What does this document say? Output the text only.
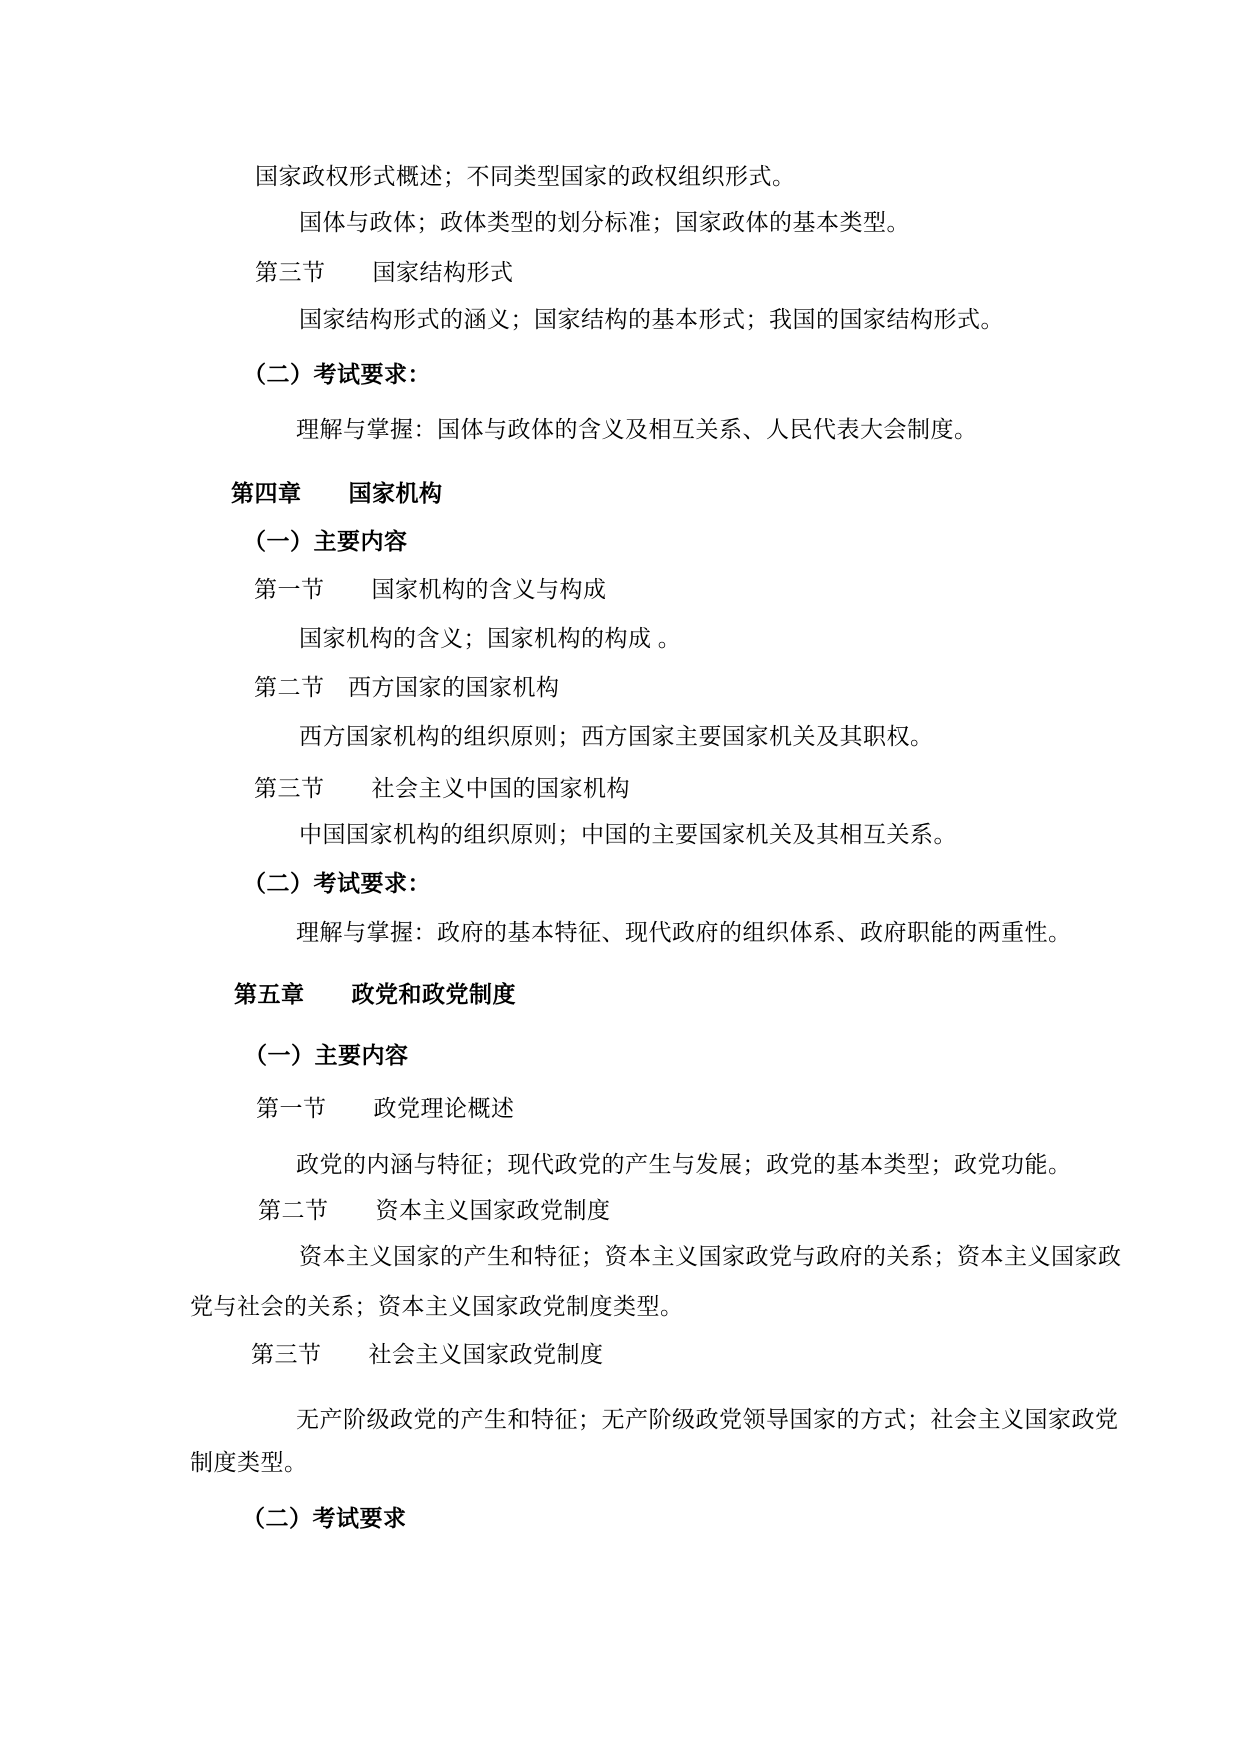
国家政权形式概述；不同类型国家的政权组织形式。
国体与政体；政体类型的划分标准；国家政体的基本类型。
第三节　　国家结构形式
国家结构形式的涵义；国家结构的基本形式；我国的国家结构形式。
（二）考试要求：
理解与掌握：国体与政体的含义及相互关系、人民代表大会制度。
第四章　　国家机构
（一）主要内容
第一节　　国家机构的含义与构成
国家机构的含义；国家机构的构成 。
第二节　西方国家的国家机构
西方国家机构的组织原则；西方国家主要国家机关及其职权。
第三节　　社会主义中国的国家机构
中国国家机构的组织原则；中国的主要国家机关及其相互关系。
（二）考试要求：
理解与掌握：政府的基本特征、现代政府的组织体系、政府职能的两重性。
第五章　　政党和政党制度
（一）主要内容
第一节　　政党理论概述
政党的内涵与特征；现代政党的产生与发展；政党的基本类型；政党功能。
第二节　　资本主义国家政党制度
资本主义国家的产生和特征；资本主义国家政党与政府的关系；资本主义国家政
党与社会的关系；资本主义国家政党制度类型。
第三节　　社会主义国家政党制度
无产阶级政党的产生和特征；无产阶级政党领导国家的方式；社会主义国家政党
制度类型。
（二）考试要求
